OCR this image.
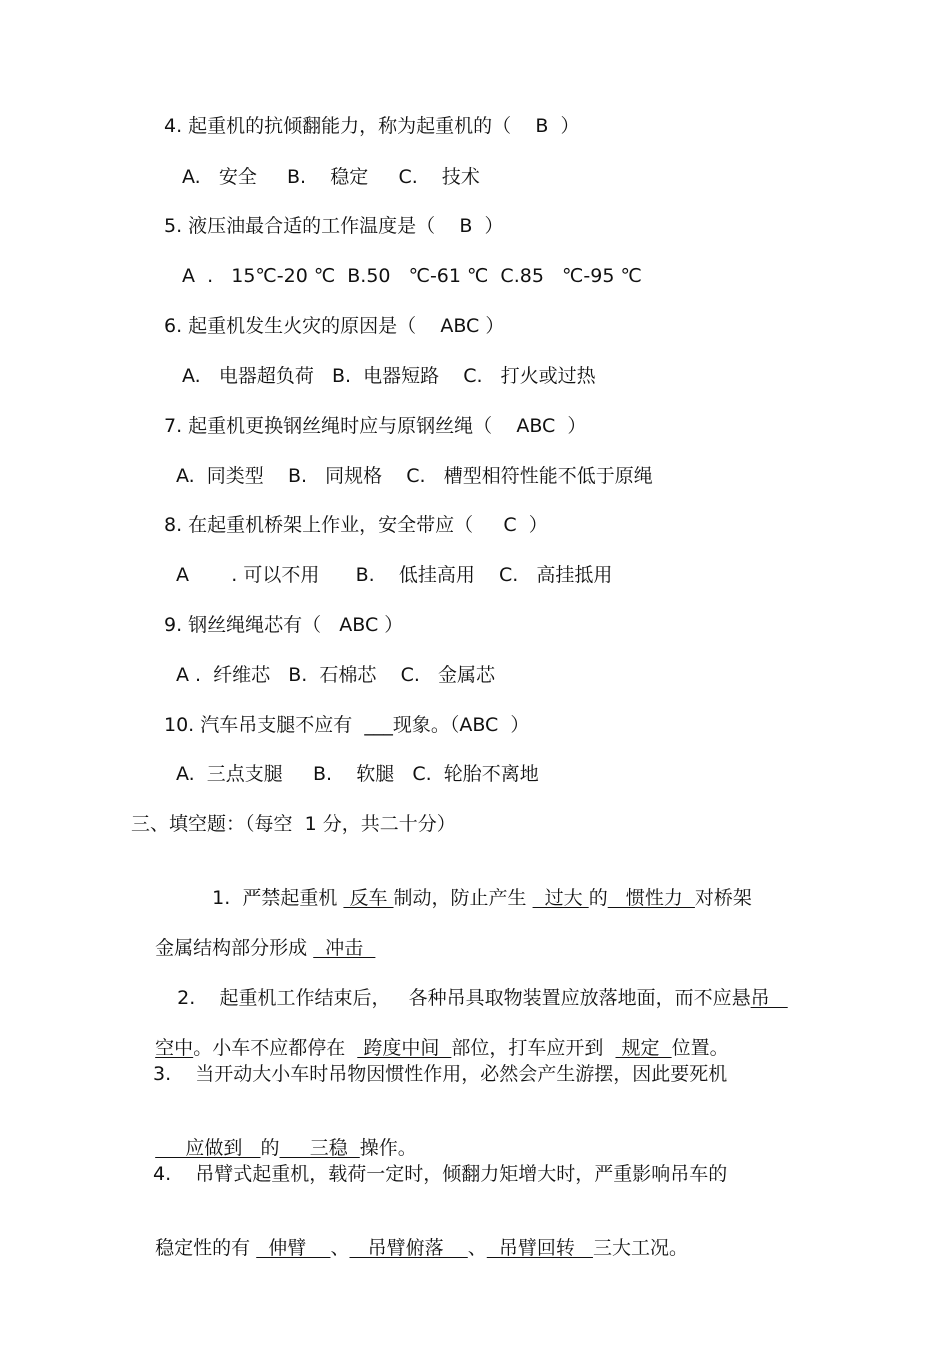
4. 起重机的抗倾翻能力，称为起重机的（    B  ）
A.   安全     B.    稳定     C.    技术
5. 液压油最合适的工作温度是（    B  ）
A  .   15℃-20 ℃  B.50   ℃-61 ℃  C.85   ℃-95 ℃
6. 起重机发生火灾的原因是（    ABC ）
A.   电器超负荷   B.  电器短路    C.   打火或过热
7. 起重机更换钢丝绳时应与原钢丝绳（    ABC  ）
A.  同类型    B.   同规格    C.   槽型相符性能不低于原绳
8. 在起重机桥架上作业，安全带应（     C  ）
A       . 可以不用      B.    低挂高用    C.   高挂抵用
9. 钢丝绳绳芯有（   ABC ）
A .  纤维芯   B.  石棉芯    C.   金属芯
10. 汽车吊支腿不应有  ___现象。（ABC  ）
A.  三点支腿     B.    软腿   C.  轮胎不离地
三、填空题：（每空  1 分，共二十分）

1.  严禁起重机  反车 制动，防止产生   过大 的   惯性力  对桥架

金属结构部分形成   冲击

2.    起重机工作结束后，   各种吊具取物装置应放落地面，而不应悬吊

空中。小车不应都停在   跨度中间  部位，打车应开到   规定  位置。

3.    当开动大小车时吊物因惯性作用，必然会产生游摆，因此要死机

应做到   的     三稳  操作。

4.    吊臂式起重机，载荷一定时，倾翻力矩增大时，严重影响吊车的

稳定性的有   伸臂    、   吊臂俯落    、  吊臂回转   三大工况。
